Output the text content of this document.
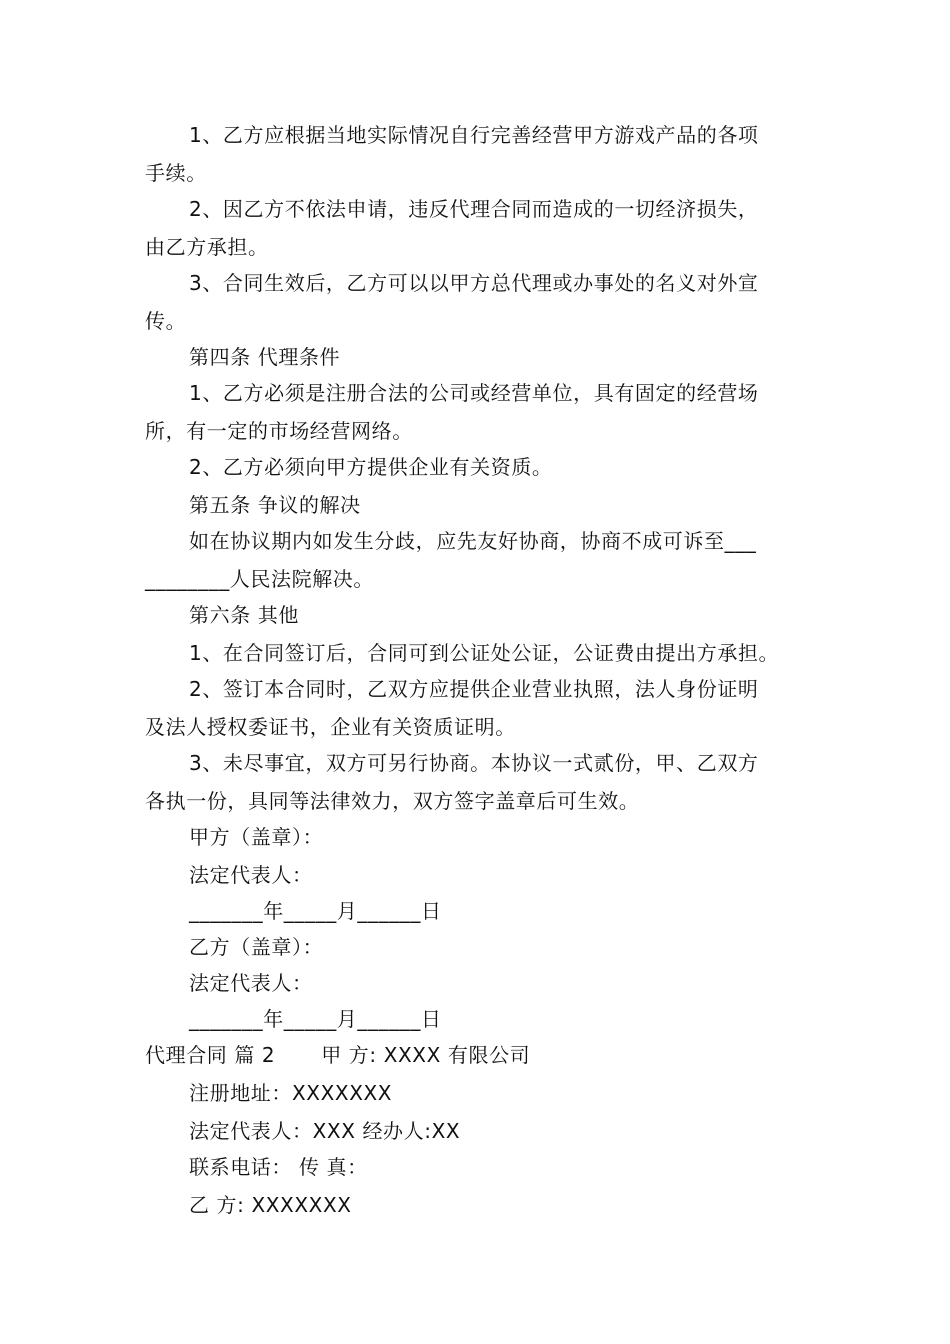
1、乙方应根据当地实际情况自行完善经营甲方游戏产品的各项
手续。
2、因乙方不依法申请，违反代理合同而造成的一切经济损失，
由乙方承担。
3、合同生效后，乙方可以以甲方总代理或办事处的名义对外宣
传。
第四条 代理条件
1、乙方必须是注册合法的公司或经营单位，具有固定的经营场
所，有一定的市场经营网络。
2、乙方必须向甲方提供企业有关资质。
第五条 争议的解决
如在协议期内如发生分歧，应先友好协商，协商不成可诉至___
________人民法院解决。
第六条 其他
1、在合同签订后，合同可到公证处公证，公证费由提出方承担。
2、签订本合同时，乙双方应提供企业营业执照，法人身份证明
及法人授权委证书，企业有关资质证明。
3、未尽事宜，双方可另行协商。本协议一式贰份，甲、乙双方
各执一份，具同等法律效力，双方签字盖章后可生效。
甲方（盖章）：
法定代表人：
_______年_____月______日
乙方（盖章）：
法定代表人：
_______年_____月______日
代理合同 篇 2 甲 方: XXXX 有限公司
注册地址：XXXXXXX
法定代表人：XXX 经办人:XX
联系电话： 传 真：
乙 方: XXXXXXX
